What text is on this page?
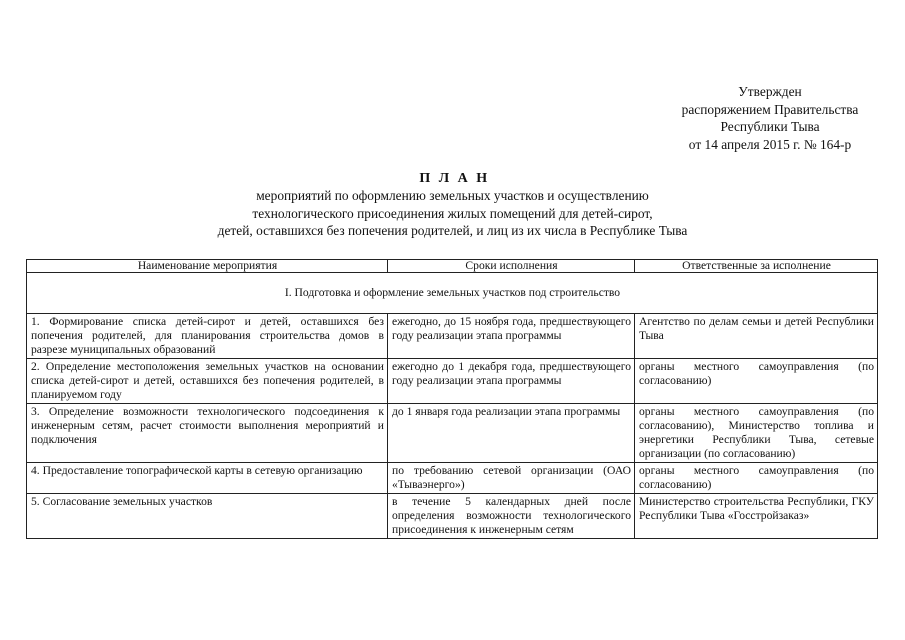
Утвержден
распоряжением Правительства
Республики Тыва
от 14 апреля 2015 г. № 164-р
П Л А Н
мероприятий по оформлению земельных участков и осуществлению
технологического присоединения жилых помещений для детей-сирот,
детей, оставшихся без попечения родителей, и лиц из их числа в Республике Тыва
Наименование мероприятия	Сроки исполнения	Ответственные за исполнение
I. Подготовка и оформление земельных участков под строительство		
1. Формирование списка детей-сирот и детей, оставшихся без попечения родителей, для планирования строительства домов в разрезе муниципальных образований	ежегодно, до 15 ноября года, предшествующего году реализации этапа программы	Агентство по делам семьи и детей Республики Тыва
2. Определение местоположения земельных участков на основании списка детей-сирот и детей, оставшихся без попечения родителей, в планируемом году	ежегодно до 1 декабря года, предшествующего году реализации этапа программы	органы местного самоуправления (по согласованию)
3. Определение возможности технологического подсоединения к инженерным сетям, расчет стоимости выполнения мероприятий и подключения	до 1 января года реализации этапа программы	органы местного самоуправления (по согласованию), Министерство топлива и энергетики Республики Тыва, сетевые организации (по согласованию)
4. Предоставление топографической карты в сетевую организацию	по требованию сетевой организации (ОАО «Тываэнерго»)	органы местного самоуправления (по согласованию)
5. Согласование земельных участков	в течение 5 календарных дней после определения возможности технологического присоединения к инженерным сетям	Министерство строительства Республики, ГКУ Республики Тыва «Госстройзаказ»
